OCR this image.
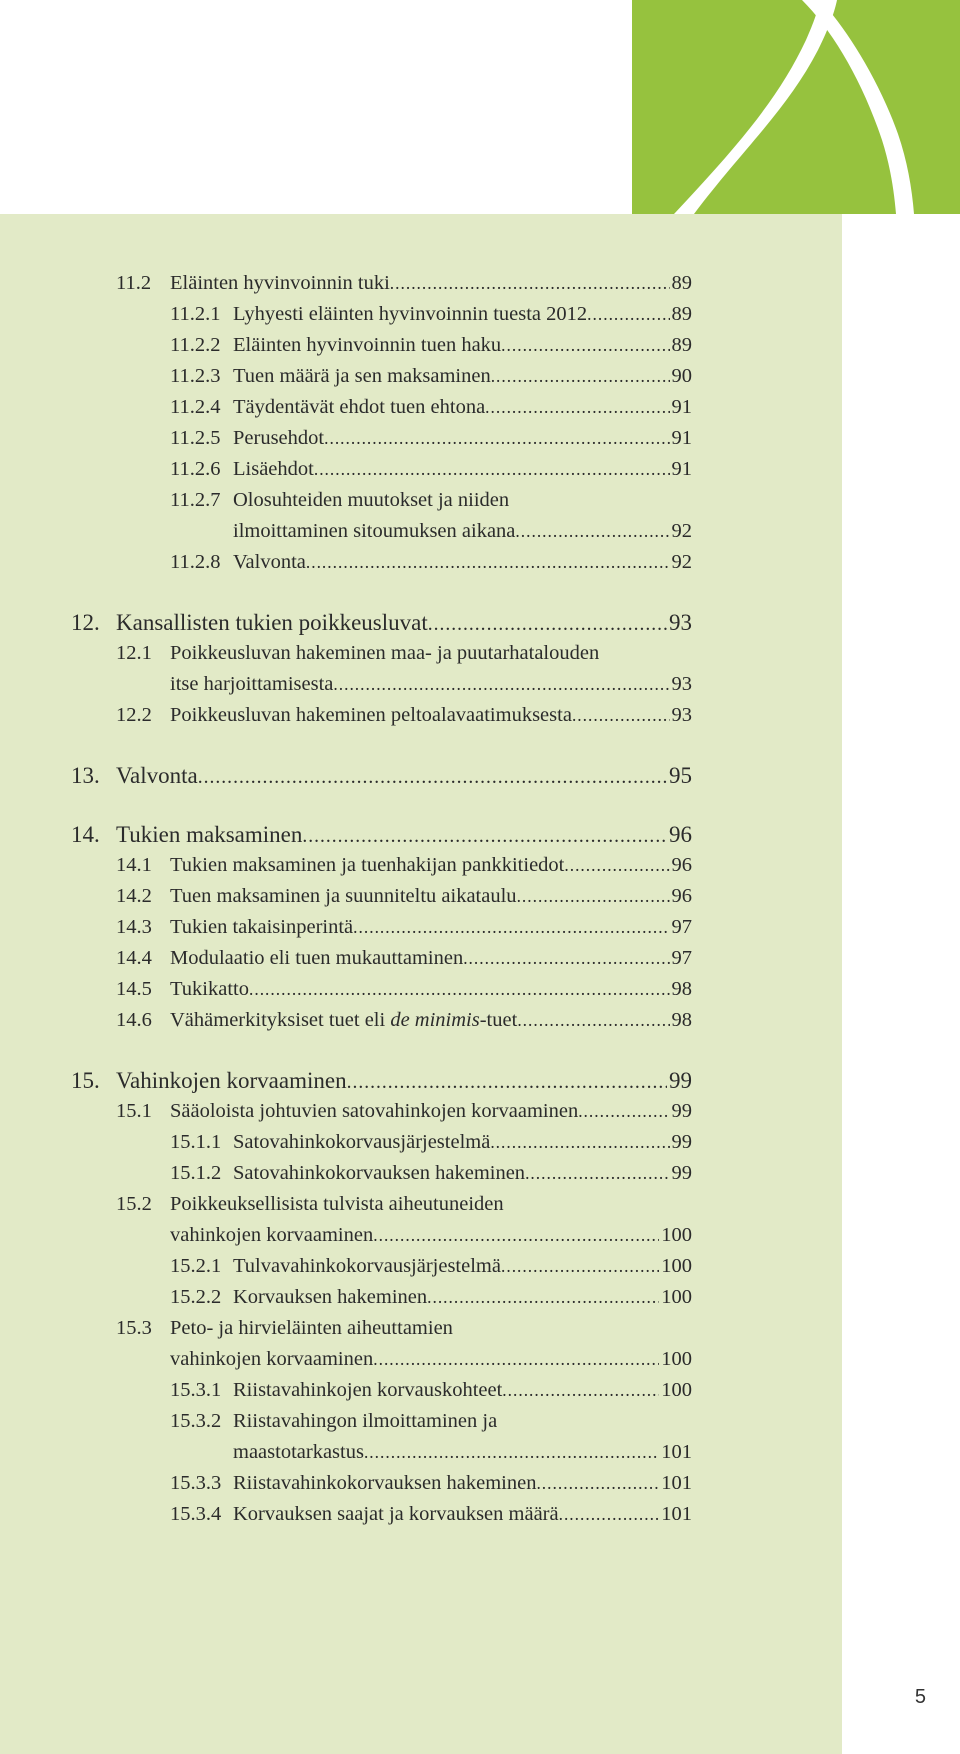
11.2 Eläinten hyvinvoinnin tuki .....	89
11.2.1 Lyhyesti eläinten hyvinvoinnin tuesta 2012 .....	89
11.2.2 Eläinten hyvinvoinnin tuen haku .....	89
11.2.3 Tuen määrä ja sen maksaminen .....	90
11.2.4 Täydentävät ehdot tuen ehtona .....	91
11.2.5 Perusehdot .....	91
11.2.6 Lisäehdot .....	91
11.2.7 Olosuhteiden muutokset ja niiden
ilmoittaminen sitoumuksen aikana .....	92
11.2.8 Valvonta .....	92
12. Kansallisten tukien poikkeusluvat .....	93
12.1 Poikkeusluvan hakeminen maa- ja puutarhatalouden
itse harjoittamisesta .....	93
12.2 Poikkeusluvan hakeminen peltoalavaatimuksesta .....	93
13. Valvonta .....	95
14. Tukien maksaminen .....	96
14.1 Tukien maksaminen ja tuenhakijan pankkitiedot .....	96
14.2 Tuen maksaminen ja suunniteltu aikataulu .....	96
14.3 Tukien takaisinperintä .....	97
14.4 Modulaatio eli tuen mukauttaminen .....	97
14.5 Tukikatto .....	98
14.6 Vähämerkityksiset tuet eli de minimis-tuet .....	98
15. Vahinkojen korvaaminen .....	99
15.1 Sääoloista johtuvien satovahinkojen korvaaminen .....	99
15.1.1 Satovahinkokorvausjärjestelmä .....	99
15.1.2 Satovahinkokorvauksen hakeminen .....	99
15.2 Poikkeuksellisista tulvista aiheutuneiden
vahinkojen korvaaminen .....	100
15.2.1 Tulvavahinkokorvausjärjestelmä .....	100
15.2.2 Korvauksen hakeminen .....	100
15.3 Peto- ja hirvieläinten aiheuttamien
vahinkojen korvaaminen .....	100
15.3.1 Riistavahinkojen korvauskohteet .....	100
15.3.2 Riistavahingon ilmoittaminen ja
maastotarkastus .....	101
15.3.3 Riistavahinkokorvauksen hakeminen .....	101
15.3.4 Korvauksen saajat ja korvauksen määrä .....	101
5
